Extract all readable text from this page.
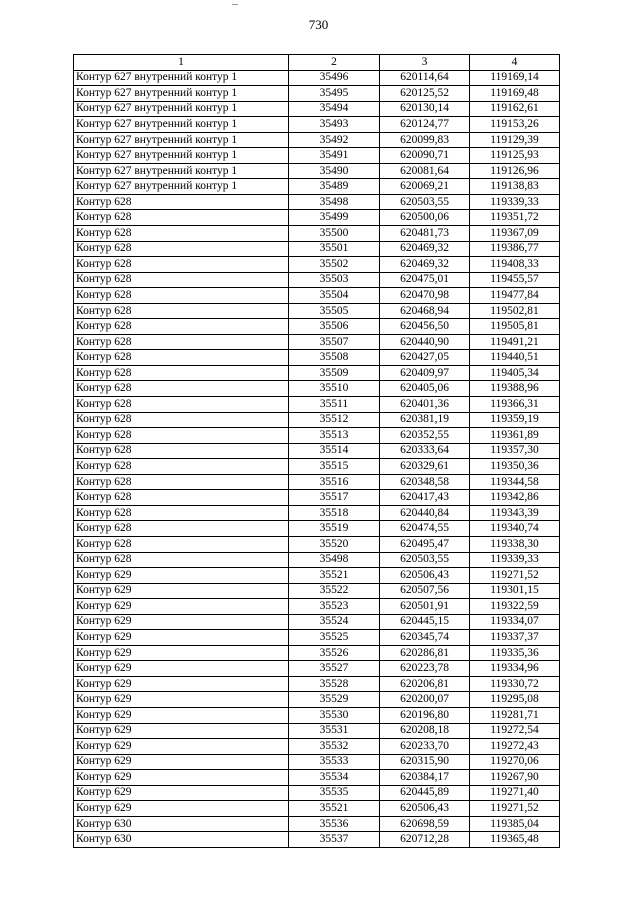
730
1	2	3	4
Контур 627 внутренний контур 1	35496	620114,64	119169,14
Контур 627 внутренний контур 1	35495	620125,52	119169,48
Контур 627 внутренний контур 1	35494	620130,14	119162,61
Контур 627 внутренний контур 1	35493	620124,77	119153,26
Контур 627 внутренний контур 1	35492	620099,83	119129,39
Контур 627 внутренний контур 1	35491	620090,71	119125,93
Контур 627 внутренний контур 1	35490	620081,64	119126,96
Контур 627 внутренний контур 1	35489	620069,21	119138,83
Контур 628	35498	620503,55	119339,33
Контур 628	35499	620500,06	119351,72
Контур 628	35500	620481,73	119367,09
Контур 628	35501	620469,32	119386,77
Контур 628	35502	620469,32	119408,33
Контур 628	35503	620475,01	119455,57
Контур 628	35504	620470,98	119477,84
Контур 628	35505	620468,94	119502,81
Контур 628	35506	620456,50	119505,81
Контур 628	35507	620440,90	119491,21
Контур 628	35508	620427,05	119440,51
Контур 628	35509	620409,97	119405,34
Контур 628	35510	620405,06	119388,96
Контур 628	35511	620401,36	119366,31
Контур 628	35512	620381,19	119359,19
Контур 628	35513	620352,55	119361,89
Контур 628	35514	620333,64	119357,30
Контур 628	35515	620329,61	119350,36
Контур 628	35516	620348,58	119344,58
Контур 628	35517	620417,43	119342,86
Контур 628	35518	620440,84	119343,39
Контур 628	35519	620474,55	119340,74
Контур 628	35520	620495,47	119338,30
Контур 628	35498	620503,55	119339,33
Контур 629	35521	620506,43	119271,52
Контур 629	35522	620507,56	119301,15
Контур 629	35523	620501,91	119322,59
Контур 629	35524	620445,15	119334,07
Контур 629	35525	620345,74	119337,37
Контур 629	35526	620286,81	119335,36
Контур 629	35527	620223,78	119334,96
Контур 629	35528	620206,81	119330,72
Контур 629	35529	620200,07	119295,08
Контур 629	35530	620196,80	119281,71
Контур 629	35531	620208,18	119272,54
Контур 629	35532	620233,70	119272,43
Контур 629	35533	620315,90	119270,06
Контур 629	35534	620384,17	119267,90
Контур 629	35535	620445,89	119271,40
Контур 629	35521	620506,43	119271,52
Контур 630	35536	620698,59	119385,04
Контур 630	35537	620712,28	119365,48
